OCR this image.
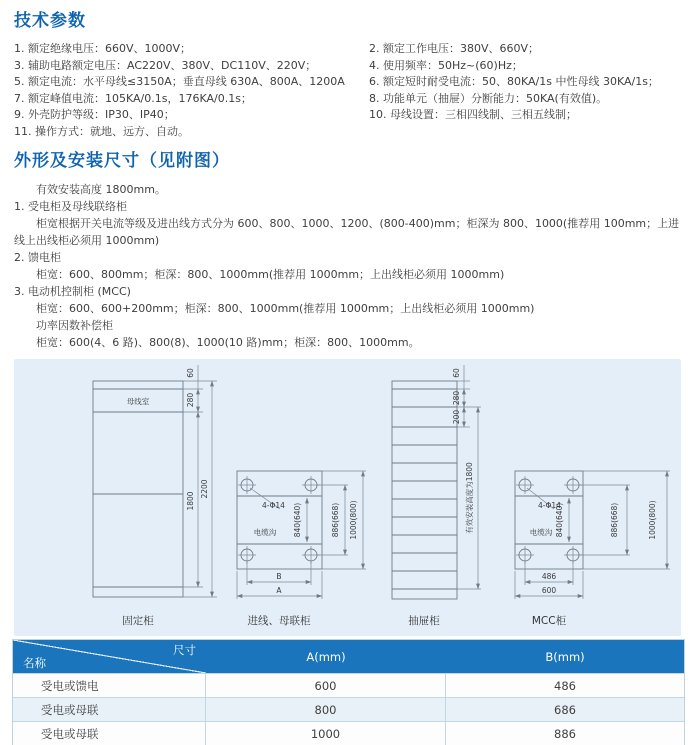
技术参数
1. 额定绝缘电压：660V、1000V；
3. 辅助电路额定电压：AC220V、380V、DC110V、220V；
5. 额定电流：水平母线≤3150A；垂直母线 630A、800A、1200A
7. 额定峰值电流：105KA/0.1s，176KA/0.1s；
9. 外壳防护等级：IP30、IP40；
11. 操作方式：就地、远方、自动。
2. 额定工作电压：380V、660V；
4. 使用频率：50Hz~(60)Hz；
6. 额定短时耐受电流：50、80KA/1s 中性母线 30KA/1s；
8. 功能单元（抽屉）分断能力：50KA(有效值)。
10. 母线设置：三相四线制、三相五线制；
外形及安装尺寸（见附图）

有效安装高度 1800mm。

1. 受电柜及母线联络柜

柜宽根据开关电流等级及进出线方式分为 600、800、1000、1200、(800-400)mm；柜深为 800、1000(推荐用 100mm；上进线上出线柜必须用 1000mm)

2. 馈电柜

柜宽：600、800mm；柜深：800、1000mm(推荐用 1000mm；上出线柜必须用 1000mm)

3. 电动机控制柜 (MCC)

柜宽：600、600+200mm；柜深：800、1000mm(推荐用 1000mm；上出线柜必须用 1000mm)

功率因数补偿柜

柜宽：600(4、6 路)、800(8)、1000(10 路)mm；柜深：800、1000mm。

母线室
60
280
1800
2200
固定柜
4-Φ14
电缆沟 840(640)	886(668) 1000(800)
B
A
进线、母联柜
60
280
200
有效安装高度为1800
抽屉柜
4-Φ14
电缆沟 840(640)	886(668)	1000(800)
486
600
MCC柜
尺寸
名称	A(mm)	B(mm)
受电或馈电	600	486
受电或母联	800	686
受电或母联	1000	886
